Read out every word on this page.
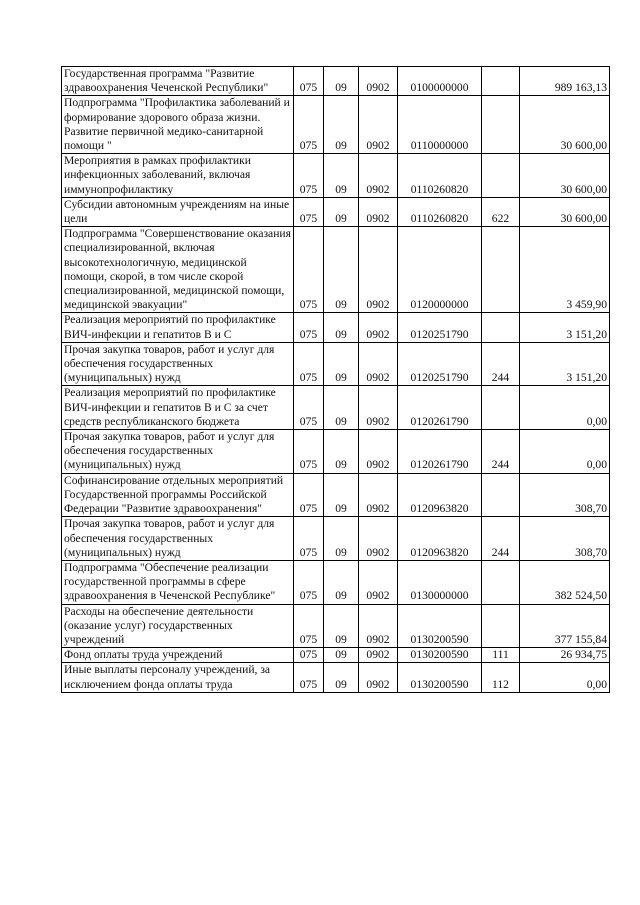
Государственная программа "Развитие здравоохранения Чеченской Республики"	075	09	0902	0100000000		989 163,13
Подпрограмма "Профилактика заболеваний и формирование здорового образа жизни. Развитие первичной медико-санитарной помощи "	075	09	0902	0110000000		30 600,00
Мероприятия в рамках профилактики инфекционных заболеваний, включая иммунопрофилактику	075	09	0902	0110260820		30 600,00
Субсидии автономным учреждениям на иные цели	075	09	0902	0110260820	622	30 600,00
Подпрограмма "Совершенствование оказания специализированной, включая высокотехнологичную, медицинской помощи, скорой, в том числе скорой специализированной, медицинской помощи, медицинской эвакуации"	075	09	0902	0120000000		3 459,90
Реализация мероприятий по профилактике ВИЧ-инфекции и гепатитов В и С	075	09	0902	0120251790		3 151,20
Прочая закупка товаров, работ и услуг для обеспечения государственных (муниципальных) нужд	075	09	0902	0120251790	244	3 151,20
Реализация мероприятий по профилактике ВИЧ-инфекции и гепатитов В и С за счет средств республиканского бюджета	075	09	0902	0120261790		0,00
Прочая закупка товаров, работ и услуг для обеспечения государственных (муниципальных) нужд	075	09	0902	0120261790	244	0,00
Софинансирование отдельных мероприятий Государственной программы Российской Федерации "Развитие здравоохранения"	075	09	0902	0120963820		308,70
Прочая закупка товаров, работ и услуг для обеспечения государственных (муниципальных) нужд	075	09	0902	0120963820	244	308,70
Подпрограмма "Обеспечение реализации государственной программы в сфере здравоохранения в Чеченской Республике"	075	09	0902	0130000000		382 524,50
Расходы на обеспечение деятельности (оказание услуг) государственных учреждений	075	09	0902	0130200590		377 155,84
Фонд оплаты труда учреждений	075	09	0902	0130200590	111	26 934,75
Иные выплаты персоналу учреждений, за исключением фонда оплаты труда	075	09	0902	0130200590	112	0,00
